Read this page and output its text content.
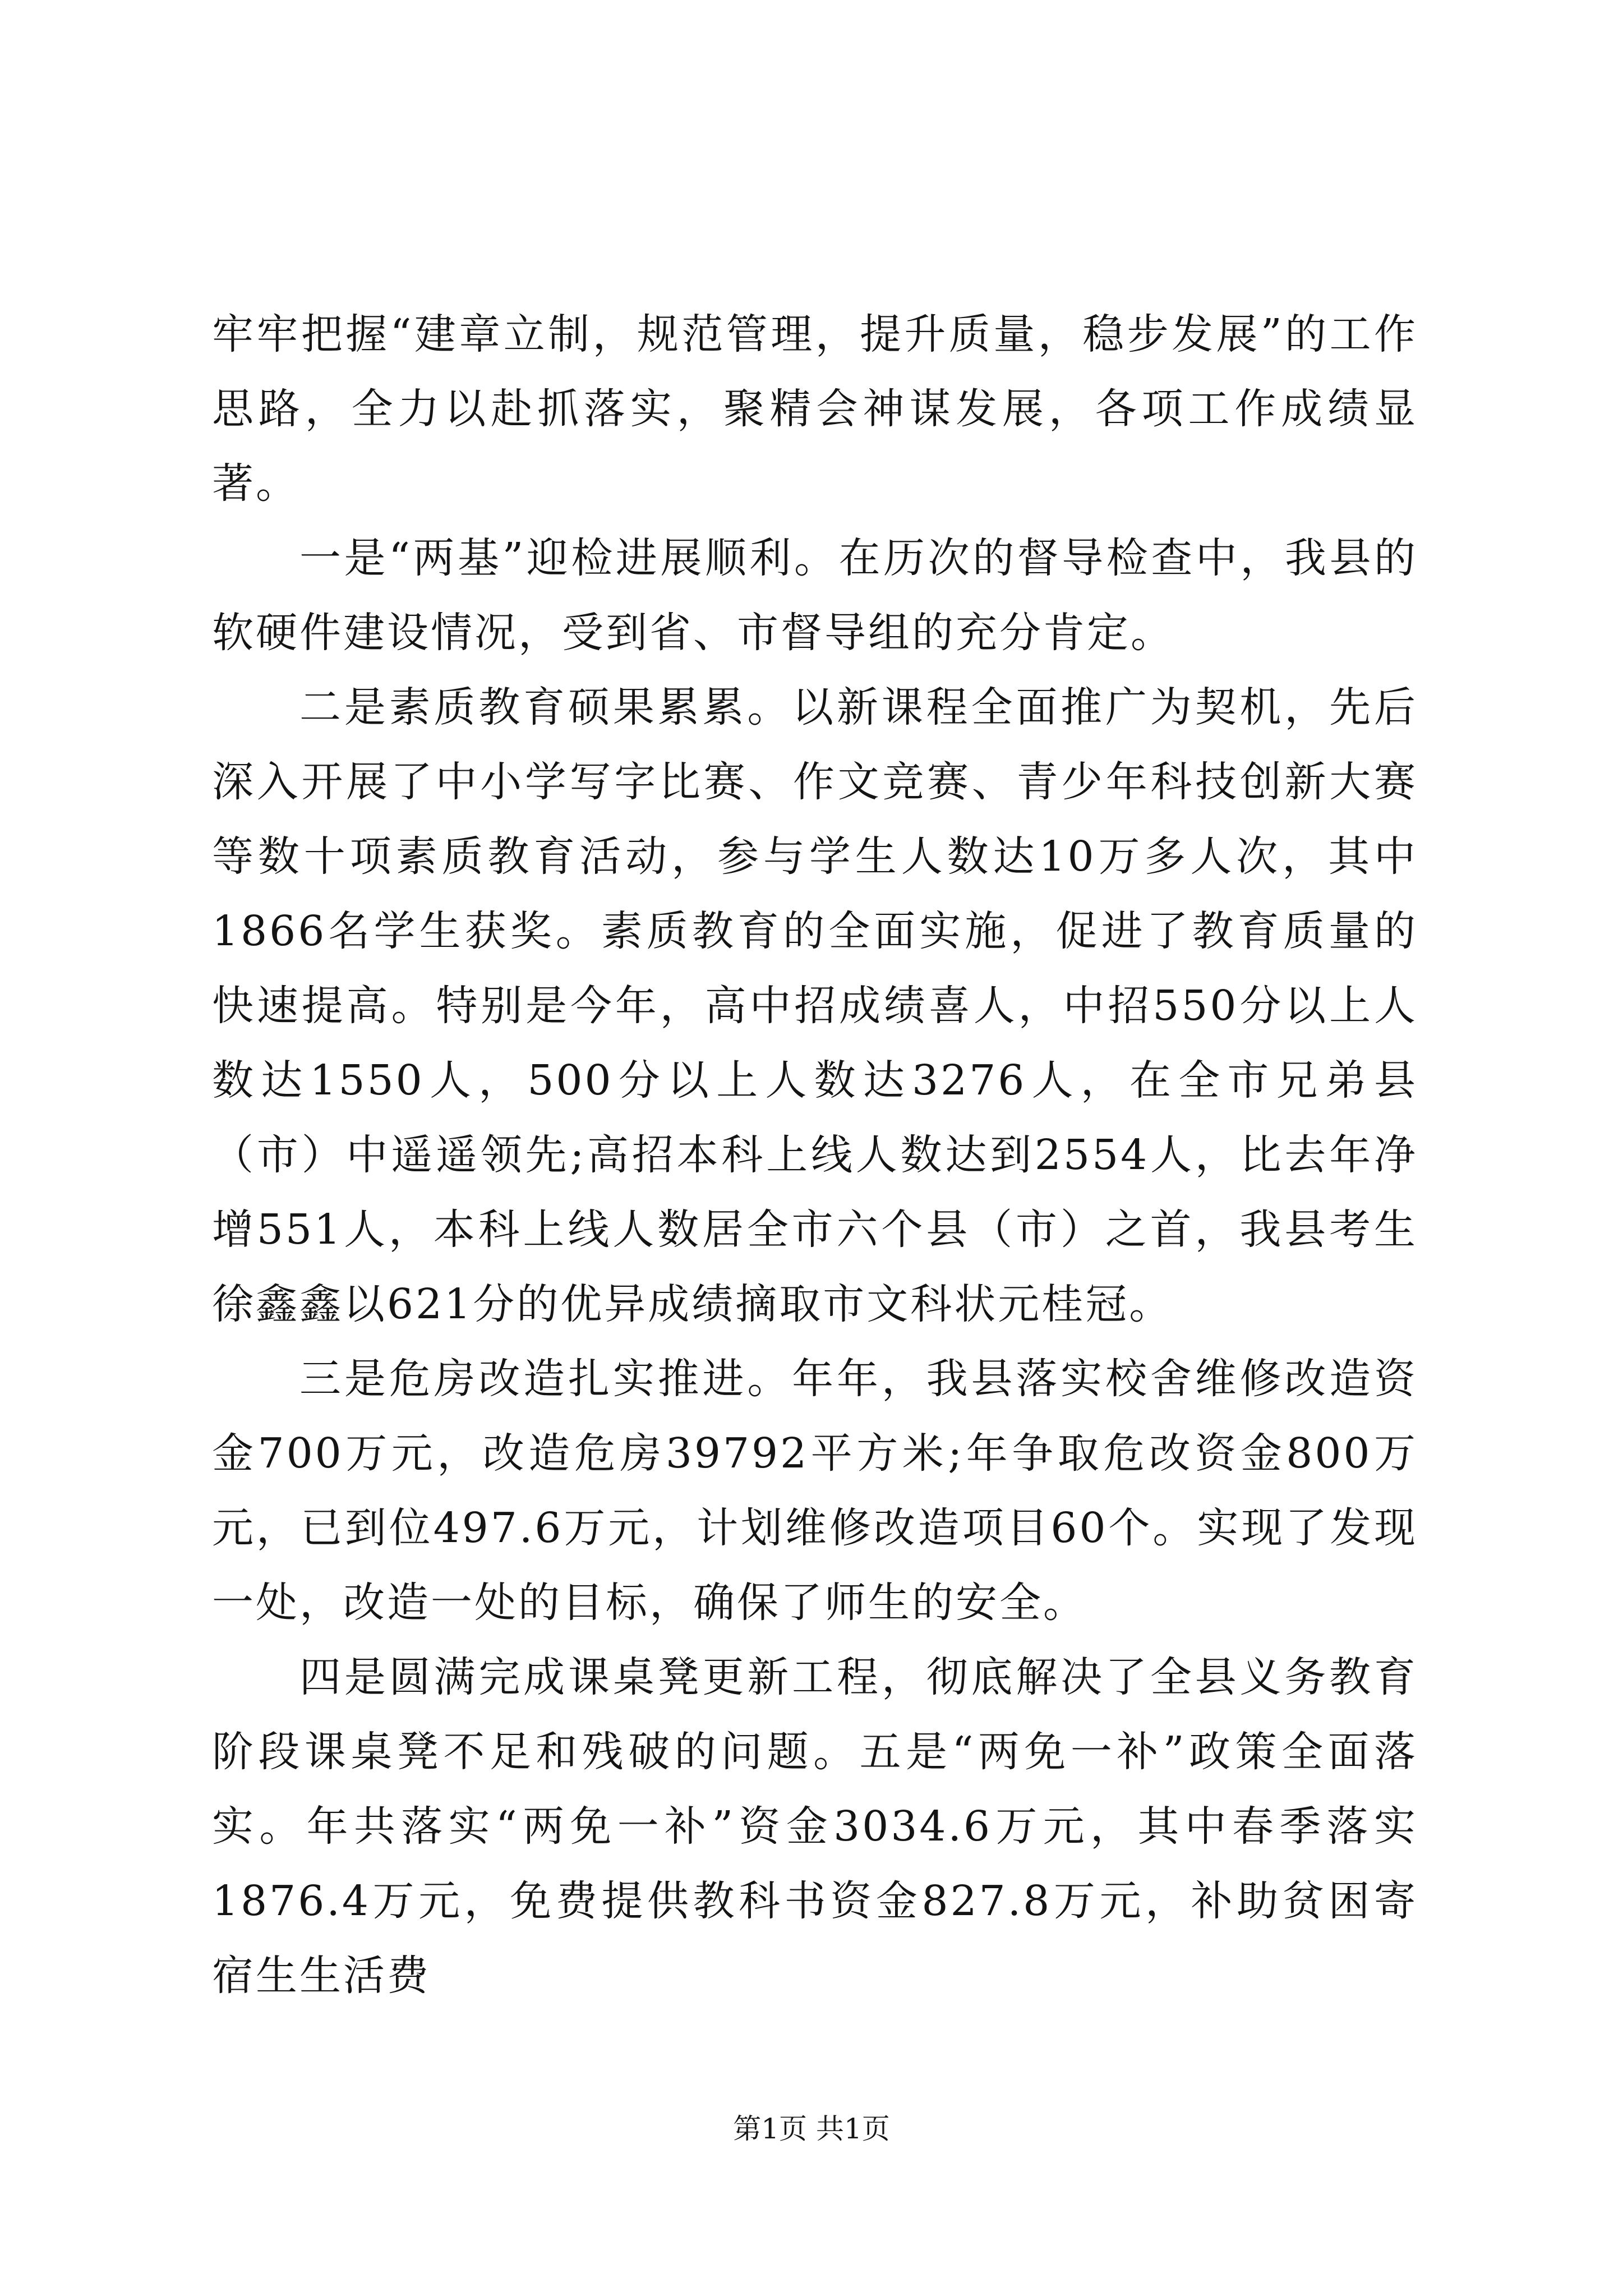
牢牢把握“建章立制，规范管理，提升质量，稳步发展”的工作思路，全力以赴抓落实，聚精会神谋发展，各项工作成绩显著。

一是“两基”迎检进展顺利。在历次的督导检查中，我县的软硬件建设情况，受到省、市督导组的充分肯定。

二是素质教育硕果累累。以新课程全面推广为契机，先后深入开展了中小学写字比赛、作文竞赛、青少年科技创新大赛等数十项素质教育活动，参与学生人数达10万多人次，其中1866名学生获奖。素质教育的全面实施，促进了教育质量的快速提高。特别是今年，高中招成绩喜人，中招550分以上人数达1550人，500分以上人数达3276人，在全市兄弟县（市）中遥遥领先;高招本科上线人数达到2554人，比去年净增551人，本科上线人数居全市六个县（市）之首，我县考生徐鑫鑫以621分的优异成绩摘取市文科状元桂冠。

三是危房改造扎实推进。年年，我县落实校舍维修改造资金700万元，改造危房39792平方米;年争取危改资金800万元，已到位497.6万元，计划维修改造项目60个。实现了发现一处，改造一处的目标，确保了师生的安全。

四是圆满完成课桌凳更新工程，彻底解决了全县义务教育阶段课桌凳不足和残破的问题。五是“两免一补”政策全面落实。年共落实“两免一补”资金3034.6万元，其中春季落实1876.4万元，免费提供教科书资金827.8万元，补助贫困寄宿生生活费

第1页 共1页
